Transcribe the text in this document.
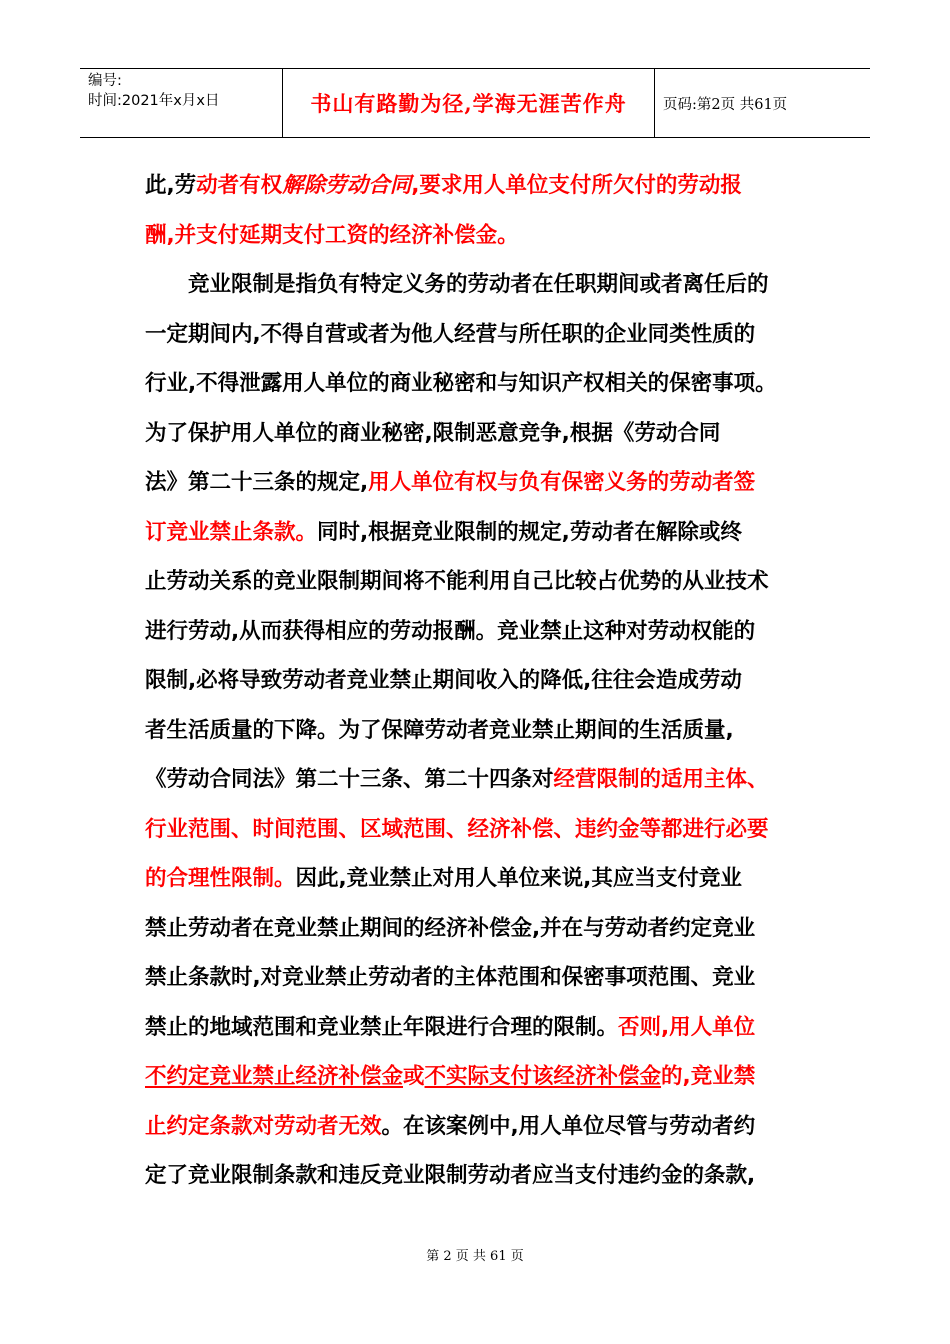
编号:
时间:2021年x月x日	书山有路勤为径,学海无涯苦作舟	页码:第2页 共61页
此,劳动者有权解除劳动合同,要求用人单位支付所欠付的劳动报
酬,并支付延期支付工资的经济补偿金。
竞业限制是指负有特定义务的劳动者在任职期间或者离任后的
一定期间内,不得自营或者为他人经营与所任职的企业同类性质的
行业,不得泄露用人单位的商业秘密和与知识产权相关的保密事项。
为了保护用人单位的商业秘密,限制恶意竞争,根据《劳动合同
法》第二十三条的规定,用人单位有权与负有保密义务的劳动者签
订竞业禁止条款。同时,根据竞业限制的规定,劳动者在解除或终
止劳动关系的竞业限制期间将不能利用自己比较占优势的从业技术
进行劳动,从而获得相应的劳动报酬。竞业禁止这种对劳动权能的
限制,必将导致劳动者竞业禁止期间收入的降低,往往会造成劳动
者生活质量的下降。为了保障劳动者竞业禁止期间的生活质量,
《劳动合同法》第二十三条、第二十四条对经营限制的适用主体、
行业范围、时间范围、区域范围、经济补偿、违约金等都进行必要
的合理性限制。因此,竞业禁止对用人单位来说,其应当支付竞业
禁止劳动者在竞业禁止期间的经济补偿金,并在与劳动者约定竞业
禁止条款时,对竞业禁止劳动者的主体范围和保密事项范围、竞业
禁止的地域范围和竞业禁止年限进行合理的限制。否则,用人单位
不约定竞业禁止经济补偿金或不实际支付该经济补偿金的,竞业禁
止约定条款对劳动者无效。在该案例中,用人单位尽管与劳动者约
定了竞业限制条款和违反竞业限制劳动者应当支付违约金的条款,
第 2 页 共 61 页
